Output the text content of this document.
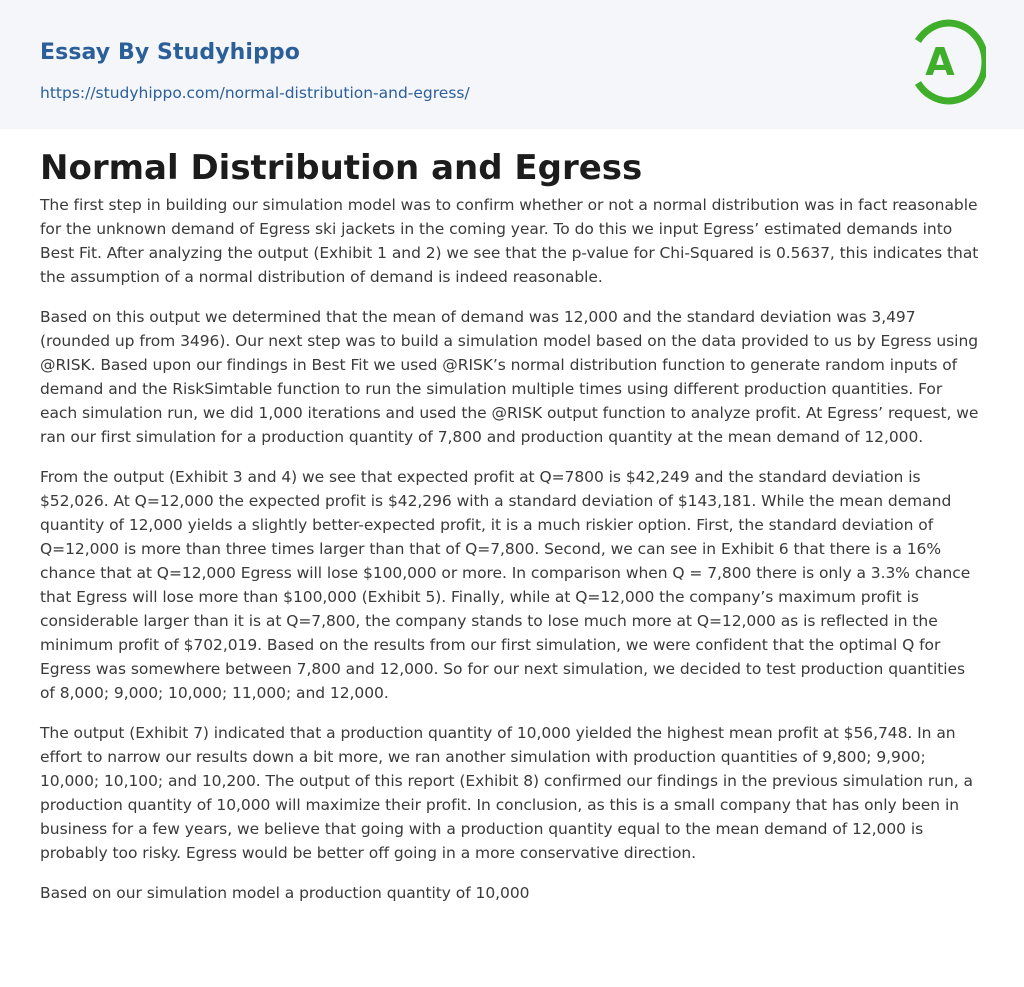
Essay By Studyhippo
https://studyhippo.com/normal-distribution-and-egress/
A
Normal Distribution and Egress

The first step in building our simulation model was to confirm whether or not a normal distribution was in fact reasonable for the unknown demand of Egress ski jackets in the coming year. To do this we input Egress’ estimated demands into Best Fit. After analyzing the output (Exhibit 1 and 2) we see that the p-value for Chi-Squared is 0.5637, this indicates that the assumption of a normal distribution of demand is indeed reasonable.

Based on this output we determined that the mean of demand was 12,000 and the standard deviation was 3,497 (rounded up from 3496). Our next step was to build a simulation model based on the data provided to us by Egress using @RISK. Based upon our findings in Best Fit we used @RISK’s normal distribution function to generate random inputs of demand and the RiskSimtable function to run the simulation multiple times using different production quantities. For each simulation run, we did 1,000 iterations and used the @RISK output function to analyze profit. At Egress’ request, we ran our first simulation for a production quantity of 7,800 and production quantity at the mean demand of 12,000.

From the output (Exhibit 3 and 4) we see that expected profit at Q=7800 is $42,249 and the standard deviation is $52,026. At Q=12,000 the expected profit is $42,296 with a standard deviation of $143,181. While the mean demand quantity of 12,000 yields a slightly better-expected profit, it is a much riskier option. First, the standard deviation of Q=12,000 is more than three times larger than that of Q=7,800. Second, we can see in Exhibit 6 that there is a 16% chance that at Q=12,000 Egress will lose $100,000 or more. In comparison when Q = 7,800 there is only a 3.3% chance that Egress will lose more than $100,000 (Exhibit 5). Finally, while at Q=12,000 the company’s maximum profit is considerable larger than it is at Q=7,800, the company stands to lose much more at Q=12,000 as is reflected in the minimum profit of $702,019. Based on the results from our first simulation, we were confident that the optimal Q for Egress was somewhere between 7,800 and 12,000. So for our next simulation, we decided to test production quantities of 8,000; 9,000; 10,000; 11,000; and 12,000.

The output (Exhibit 7) indicated that a production quantity of 10,000 yielded the highest mean profit at $56,748. In an effort to narrow our results down a bit more, we ran another simulation with production quantities of 9,800; 9,900; 10,000; 10,100; and 10,200. The output of this report (Exhibit 8) confirmed our findings in the previous simulation run, a production quantity of 10,000 will maximize their profit. In conclusion, as this is a small company that has only been in business for a few years, we believe that going with a production quantity equal to the mean demand of 12,000 is probably too risky. Egress would be better off going in a more conservative direction.

Based on our simulation model a production quantity of 10,000
